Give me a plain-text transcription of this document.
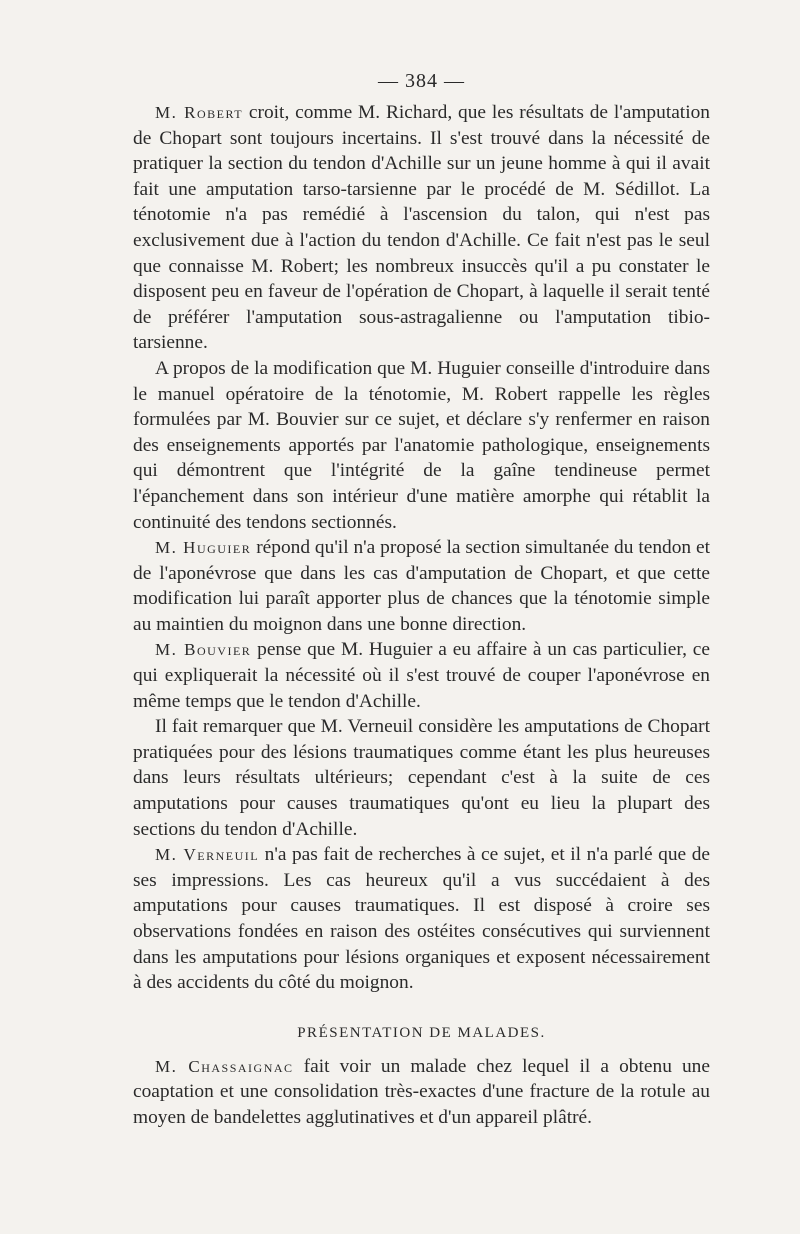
— 384 —

M. Robert croit, comme M. Richard, que les résultats de l'amputation de Chopart sont toujours incertains. Il s'est trouvé dans la nécessité de pratiquer la section du tendon d'Achille sur un jeune homme à qui il avait fait une amputation tarso-tarsienne par le procédé de M. Sédillot. La ténotomie n'a pas remédié à l'ascension du talon, qui n'est pas exclusivement due à l'action du tendon d'Achille. Ce fait n'est pas le seul que connaisse M. Robert; les nombreux insuccès qu'il a pu constater le disposent peu en faveur de l'opération de Chopart, à laquelle il serait tenté de préférer l'amputation sous-astragalienne ou l'amputation tibio-tarsienne.

A propos de la modification que M. Huguier conseille d'introduire dans le manuel opératoire de la ténotomie, M. Robert rappelle les règles formulées par M. Bouvier sur ce sujet, et déclare s'y renfermer en raison des enseignements apportés par l'anatomie pathologique, enseignements qui démontrent que l'intégrité de la gaîne tendineuse permet l'épanchement dans son intérieur d'une matière amorphe qui rétablit la continuité des tendons sectionnés.

M. Huguier répond qu'il n'a proposé la section simultanée du tendon et de l'aponévrose que dans les cas d'amputation de Chopart, et que cette modification lui paraît apporter plus de chances que la ténotomie simple au maintien du moignon dans une bonne direction.

M. Bouvier pense que M. Huguier a eu affaire à un cas particulier, ce qui expliquerait la nécessité où il s'est trouvé de couper l'aponévrose en même temps que le tendon d'Achille.

Il fait remarquer que M. Verneuil considère les amputations de Chopart pratiquées pour des lésions traumatiques comme étant les plus heureuses dans leurs résultats ultérieurs; cependant c'est à la suite de ces amputations pour causes traumatiques qu'ont eu lieu la plupart des sections du tendon d'Achille.

M. Verneuil n'a pas fait de recherches à ce sujet, et il n'a parlé que de ses impressions. Les cas heureux qu'il a vus succédaient à des amputations pour causes traumatiques. Il est disposé à croire ses observations fondées en raison des ostéites consécutives qui surviennent dans les amputations pour lésions organiques et exposent nécessairement à des accidents du côté du moignon.

PRÉSENTATION DE MALADES.

M. Chassaignac fait voir un malade chez lequel il a obtenu une coaptation et une consolidation très-exactes d'une fracture de la rotule au moyen de bandelettes agglutinatives et d'un appareil plâtré.
